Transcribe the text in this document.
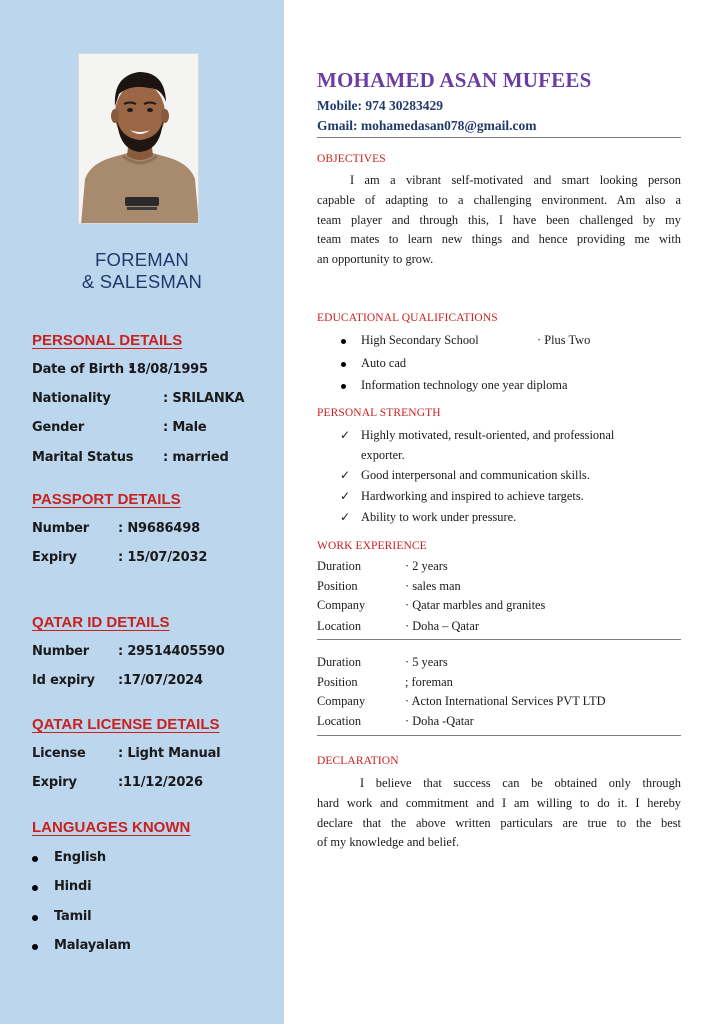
FOREMAN
& SALESMAN
PERSONAL DETAILS
Date of Birth :
18/08/1995
Nationality	: SRILANKA
Gender	: Male
Marital Status : married
PASSPORT DETAILS
Number : N9686498
Expiry	: 15/07/2032
QATAR ID DETAILS
Number : 29514405590
Id expiry :17/07/2024
QATAR LICENSE DETAILS
License : Light Manual
Expiry	:11/12/2026
LANGUAGES KNOWN
English
Hindi
Tamil
Malayalam
MOHAMED ASAN MUFEES
Mobile: 974 30283429
Gmail: mohamedasan078@gmail.com
OBJECTIVES
I am a vibrant self-motivated and smart looking person
capable of adapting to a challenging environment. Am also a
team player and through this, I have been challenged by my
team mates to learn new things and hence providing me with
an opportunity to grow.
EDUCATIONAL QUALIFICATIONS
High Secondary School	· Plus Two
Auto cad
Information technology one year diploma
PERSONAL STRENGTH
✓ Highly motivated, result-oriented, and professional
exporter.
✓ Good interpersonal and communication skills.
✓ Hardworking and inspired to achieve targets.
✓ Ability to work under pressure.
WORK EXPERIENCE
Duration	· 2 years
Position	· sales man
Company	· Qatar marbles and granites
Location	· Doha – Qatar
Duration	· 5 years
Position	; foreman
Company	· Acton International Services PVT LTD
Location	· Doha -Qatar
DECLARATION
I believe that success can be obtained only through
hard work and commitment and I am willing to do it. I hereby
declare that the above written particulars are true to the best
of my knowledge and belief.
